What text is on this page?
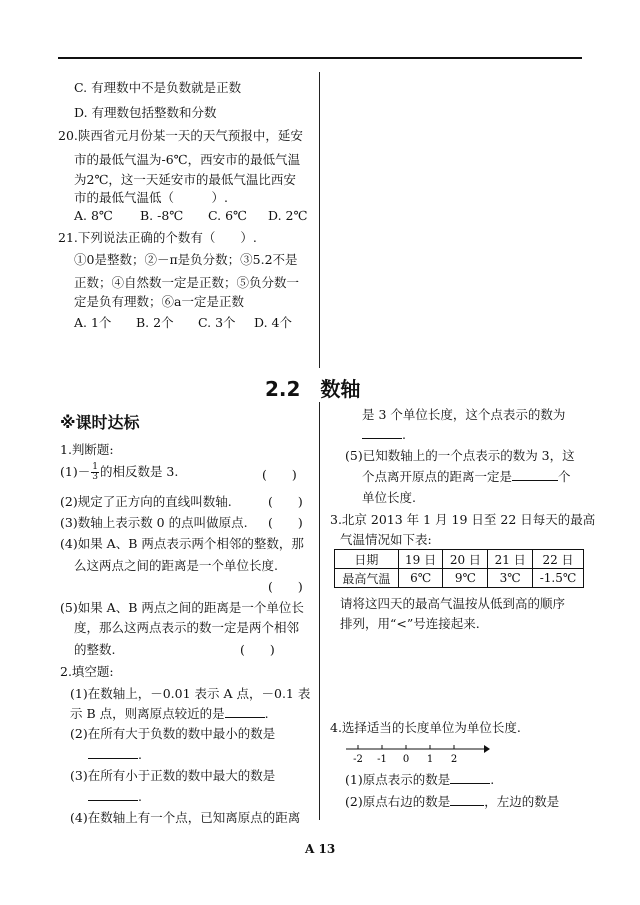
C. 有理数中不是负数就是正数
D. 有理数包括整数和分数
20.陕西省元月份某一天的天气预报中，延安
市的最低气温为-6℃，西安市的最低气温
为2℃，这一天延安市的最低气温比西安
市的最低气温低（　　　）.
A. 8℃ B. -8℃ C. 6℃ D. 2℃
21.下列说法正确的个数有（　　）.
①0是整数；②－π是负分数；③5.2不是
正数；④自然数一定是正数；⑤负分数一
定是负有理数；⑥a一定是正数
A. 1个 B. 2个 C. 3个 D. 4个
2.2　数轴
※课时达标
1.判断题:
$(1)- \frac{1}{3}$ 的相反数是 3.	(　　)
(2)规定了正方向的直线叫数轴.	(　　)
(3)数轴上表示数 0 的点叫做原点. (　　)
(4)如果 A、B 两点表示两个相邻的整数，那
么这两点之间的距离是一个单位长度.
(　　)
(5)如果 A、B 两点之间的距离是一个单位长
度，那么这两点表示的数一定是两个相邻
的整数.	(　　)
2.填空题:
(1)在数轴上，－0.01 表示 A 点，－0.1 表
示 B 点，则离原点较近的是	.
(2)在所有大于负数的数中最小的数是
.
(3)在所有小于正数的数中最大的数是
.
(4)在数轴上有一个点，已知离原点的距离
是 3 个单位长度，这个点表示的数为
.
(5)已知数轴上的一个点表示的数为 3，这
个点离开原点的距离一定是	个
单位长度.
3.北京 2013 年 1 月 19 日至 22 日每天的最高
气温情况如下表:
日期	19 日	20 日	21 日	22 日
最高气温	6℃	9℃	3℃	-1.5℃
请将这四天的最高气温按从低到高的顺序
排列，用“<”号连接起来.
4.选择适当的长度单位为单位长度.
-2 -1 0 1 2
(1)原点表示的数是	.
(2)原点右边的数是	，左边的数是
A 13
